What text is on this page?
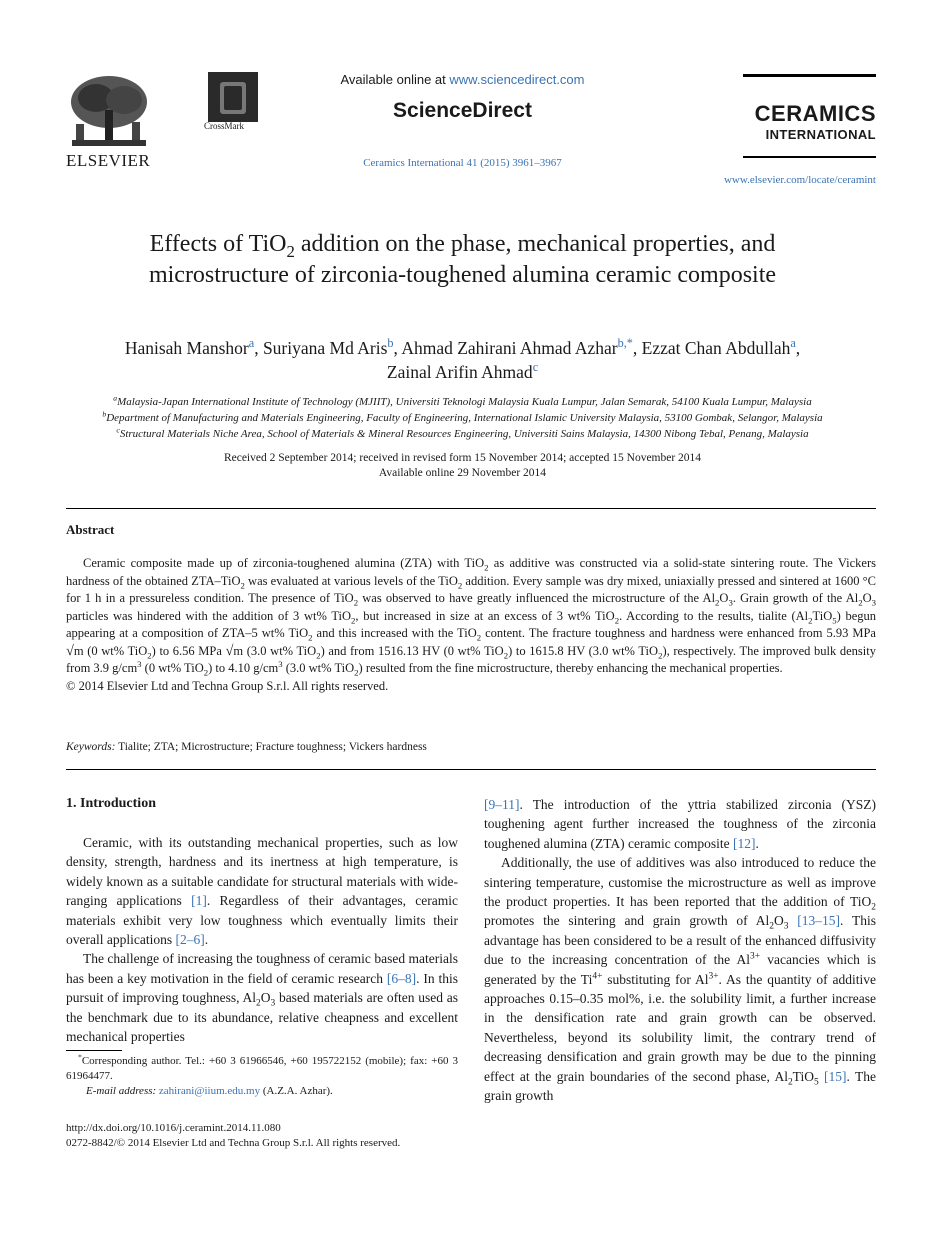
ELSEVIER
CrossMark
Available online at www.sciencedirect.com
ScienceDirect
Ceramics International 41 (2015) 3961–3967
CERAMICS
INTERNATIONAL
www.elsevier.com/locate/ceramint
Effects of TiO$_2$ addition on the phase, mechanical properties, and microstructure of zirconia-toughened alumina ceramic composite
Hanisah Manshor$^a$, Suriyana Md Aris$^b$, Ahmad Zahirani Ahmad Azhar$^{b,*}$, Ezzat Chan Abdullah$^a$,
Zainal Arifin Ahmad$^c$
$^a$Malaysia-Japan International Institute of Technology (MJIIT), Universiti Teknologi Malaysia Kuala Lumpur, Jalan Semarak, 54100 Kuala Lumpur, Malaysia
$^b$Department of Manufacturing and Materials Engineering, Faculty of Engineering, International Islamic University Malaysia, 53100 Gombak, Selangor, Malaysia
$^c$Structural Materials Niche Area, School of Materials & Mineral Resources Engineering, Universiti Sains Malaysia, 14300 Nibong Tebal, Penang, Malaysia
Received 2 September 2014; received in revised form 15 November 2014; accepted 15 November 2014
Available online 29 November 2014
Abstract
Ceramic composite made up of zirconia-toughened alumina (ZTA) with TiO$_2$ as additive was constructed via a solid-state sintering route. The Vickers hardness of the obtained ZTA–TiO$_2$ was evaluated at various levels of the TiO$_2$ addition. Every sample was dry mixed, uniaxially pressed and sintered at 1600 °C for 1 h in a pressureless condition. The presence of TiO$_2$ was observed to have greatly influenced the microstructure of the $Al_2O_3$. Grain growth of the $Al_2O_3$ particles was hindered with the addition of 3 wt% TiO$_2$, but increased in size at an excess of 3 wt% TiO$_2$. According to the results, tialite $(Al_2TiO_5)$ begun appearing at a composition of ZTA–5 wt% TiO$_2$ and this increased with the TiO$_2$ content. The fracture toughness and hardness were enhanced from 5.93 MPa √m (0 wt% TiO$_2$) to 6.56 MPa √m (3.0 wt% TiO$_2$) and from 1516.13 HV (0 wt% TiO$_2$) to 1615.8 HV (3.0 wt% TiO$_2$), respectively. The improved bulk density from 3.9 $g/cm^3$ (0 wt% TiO$_2$) to 4.10 $g/cm^3$ (3.0 wt% TiO$_2$) resulted from the fine microstructure, thereby enhancing the mechanical properties.
© 2014 Elsevier Ltd and Techna Group S.r.l. All rights reserved.
Keywords: Tialite; ZTA; Microstructure; Fracture toughness; Vickers hardness
1. Introduction

Ceramic, with its outstanding mechanical properties, such as low density, strength, hardness and its inertness at high temperature, is widely known as a suitable candidate for structural materials with wide-ranging applications [1]. Regardless of their advantages, ceramic materials exhibit very low toughness which eventually limits their overall applications [2–6].

The challenge of increasing the toughness of ceramic based materials has been a key motivation in the field of ceramic research [6–8]. In this pursuit of improving toughness, $Al_2O_3$ based materials are often used as the benchmark due to its abundance, relative cheapness and excellent mechanical properties

*Corresponding author. Tel.: +60 3 61966546, +60 195722152 (mobile); fax: +60 3 61964477.
E-mail address: zahirani@iium.edu.my (A.Z.A. Azhar).
http://dx.doi.org/10.1016/j.ceramint.2014.11.080
0272-8842/© 2014 Elsevier Ltd and Techna Group S.r.l. All rights reserved.

[9–11]. The introduction of the yttria stabilized zirconia (YSZ) toughening agent further increased the toughness of the zirconia toughened alumina (ZTA) ceramic composite [12].

Additionally, the use of additives was also introduced to reduce the sintering temperature, customise the microstructure as well as improve the product properties. It has been reported that the addition of TiO$_2$ promotes the sintering and grain growth of $Al_2O_3$ [13–15]. This advantage has been considered to be a result of the enhanced diffusivity due to the increasing concentration of the $Al^{3+}$ vacancies which is generated by the $Ti^{4+}$ substituting for $Al^{3+}$. As the quantity of additive approaches 0.15–0.35 mol%, i.e. the solubility limit, a further increase in the densification rate and grain growth can be observed. Nevertheless, beyond its solubility limit, the contrary trend of decreasing densification and grain growth may be due to the pinning effect at the grain boundaries of the second phase, $Al_2TiO_5$ [15]. The grain growth
